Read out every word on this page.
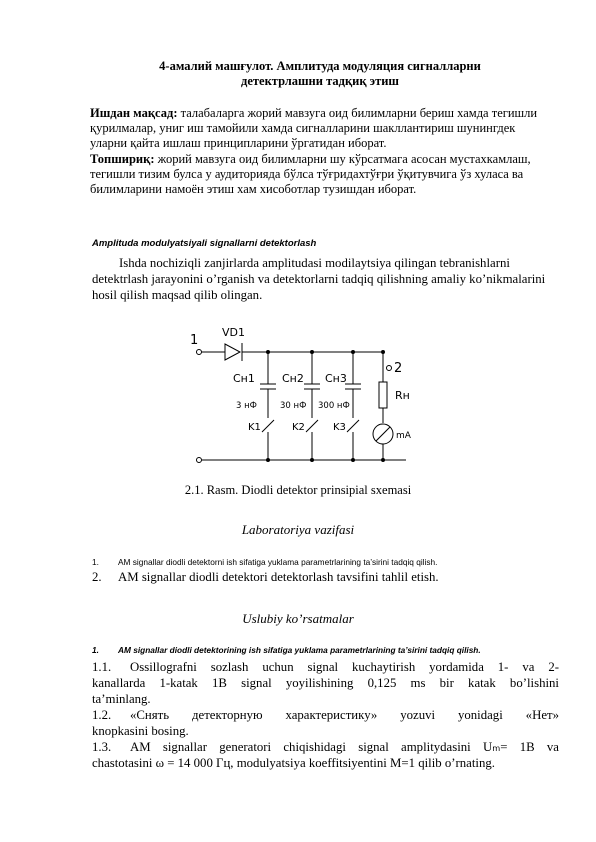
4-амалий машғулот. Амплитуда модуляция сигналларни
детектрлашни тадқиқ этиш
Ишдан мақсад: талабаларга жорий мавзуга оид билимларни бериш хамда тегишли қурилмалар, униг иш тамойили хамда сигналларини шакллантириш шунингдек уларни қайта ишлаш принципларини ўргатидан иборат.
Топшириқ: жорий мавзуга оид билимларни шу кўрсатмага асосан мустахкамлаш, тегишли тизим булса у аудиторияда бўлса тўғридахтўғри ўқитувчига ўз хулаcа ва билимларини намоён этиш хам хисоботлар тузишдан иборат.
Amplituda modulyatsiyali signallarni detektorlash
Ishda nochiziqli zanjirlarda amplitudasi modilaytsiya qilingan tebranishlarni detektrlash jarayonini o’rganish va detektorlarni tadqiq qilishning amaliy ko’nikmalarini hosil qilish maqsad qilib olingan.
1
2
VD1
Cн1 Cн2 Cн3
3 нФ	30 нФ 300 нФ
K1	K2	K3
Rн
mA
2.1. Rasm. Diodli detektor prinsipial sxemasi
Laboratoriya vazifasi
1. AM signallar diodli detektorni ish sifatiga yuklama parametrlarining ta’sirini tadqiq qilish.
2. AM signallar diodli detektori detektorlash tavsifini tahlil etish.
Uslubiy ko’rsatmalar
1. AM signallar diodli detektorining ish sifatiga yuklama parametrlarining ta’sirini tadqiq qilish.
1.1. Ossillografni sozlash uchun signal kuchaytirish yordamida 1- va 2-
kanallarda 1-katak 1B signal yoyilishining 0,125 ms bir katak bo’lishini
ta’minlang.
1.2. «Снять детекторную характеристику» yozuvi yonidagi «Нет»
knopkasini bosing.
1.3. AM signallar generatori chiqishidagi signal amplitydasini Uₘ= 1В va
chastotasini ω = 14 000 Гц, modulyatsiya koeffitsiyentini M=1 qilib o’rnating.
